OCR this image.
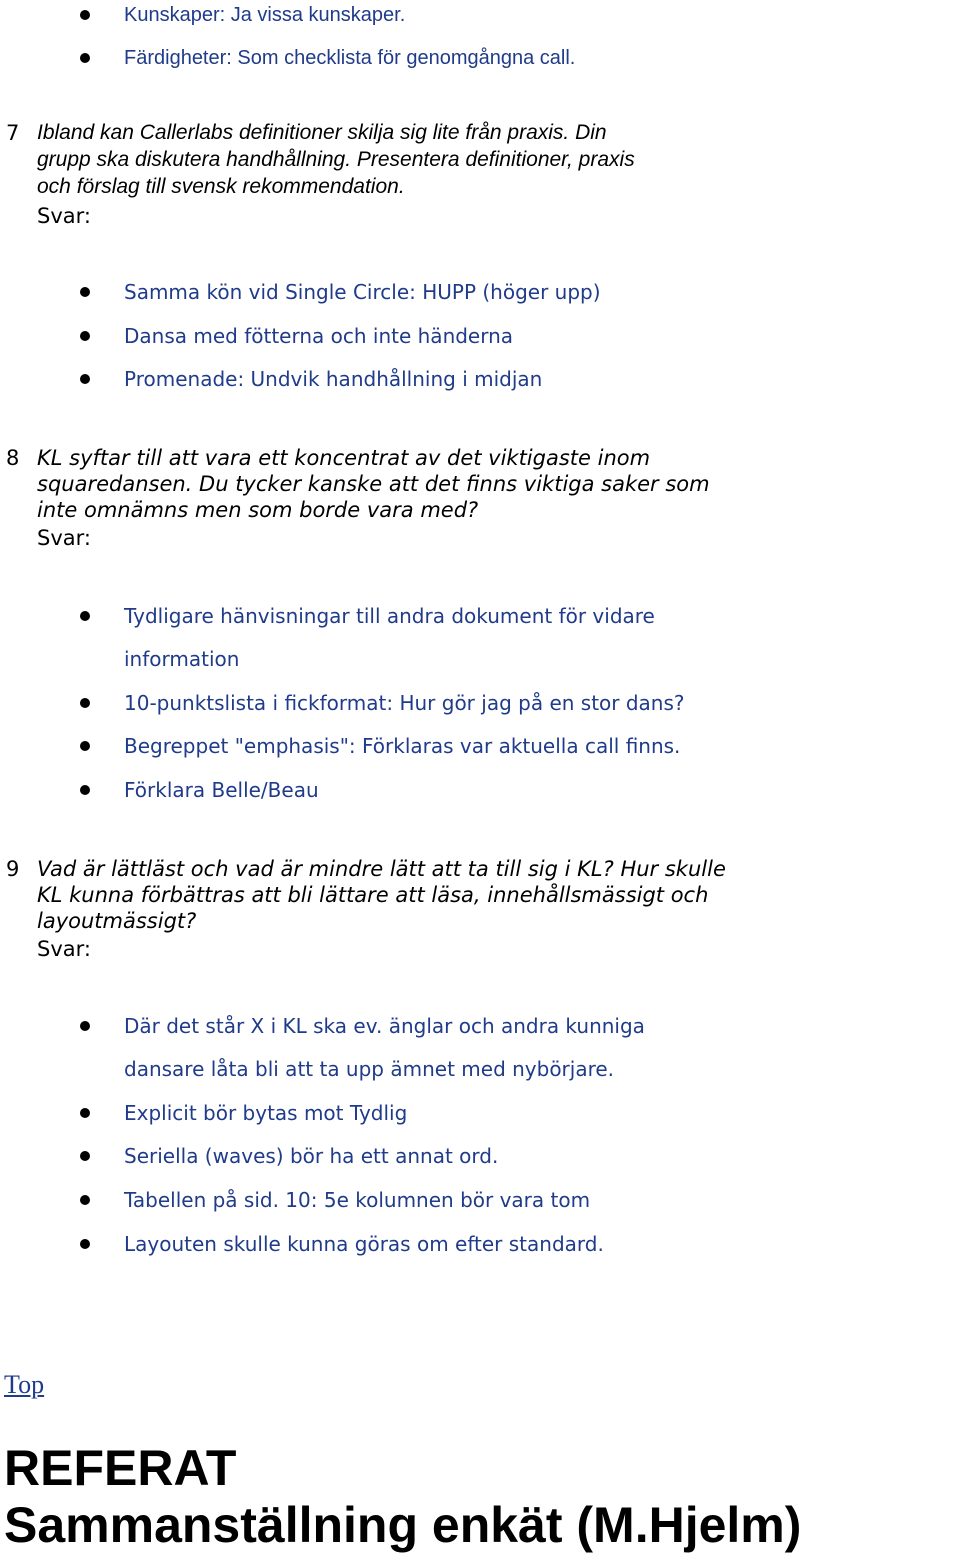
Kunskaper: Ja vissa kunskaper.
Färdigheter: Som checklista för genomgångna call.
7 Ibland kan Callerlabs definitioner skilja sig lite från praxis. Din
grupp ska diskutera handhållning. Presentera definitioner, praxis
och förslag till svensk rekommendation.
Svar:
Samma kön vid Single Circle: HUPP (höger upp)
Dansa med fötterna och inte händerna
Promenade: Undvik handhållning i midjan
8 KL syftar till att vara ett koncentrat av det viktigaste inom
squaredansen. Du tycker kanske att det finns viktiga saker som
inte omnämns men som borde vara med?
Svar:
Tydligare hänvisningar till andra dokument för vidare
information
10-punktslista i fickformat: Hur gör jag på en stor dans?
Begreppet "emphasis": Förklaras var aktuella call finns.
Förklara Belle/Beau
9 Vad är lättläst och vad är mindre lätt att ta till sig i KL? Hur skulle
KL kunna förbättras att bli lättare att läsa, innehållsmässigt och
layoutmässigt?
Svar:
Där det står X i KL ska ev. änglar och andra kunniga
dansare låta bli att ta upp ämnet med nybörjare.
Explicit bör bytas mot Tydlig
Seriella (waves) bör ha ett annat ord.
Tabellen på sid. 10: 5e kolumnen bör vara tom
Layouten skulle kunna göras om efter standard.
Top
REFERAT
Sammanställning enkät (M.Hjelm)
